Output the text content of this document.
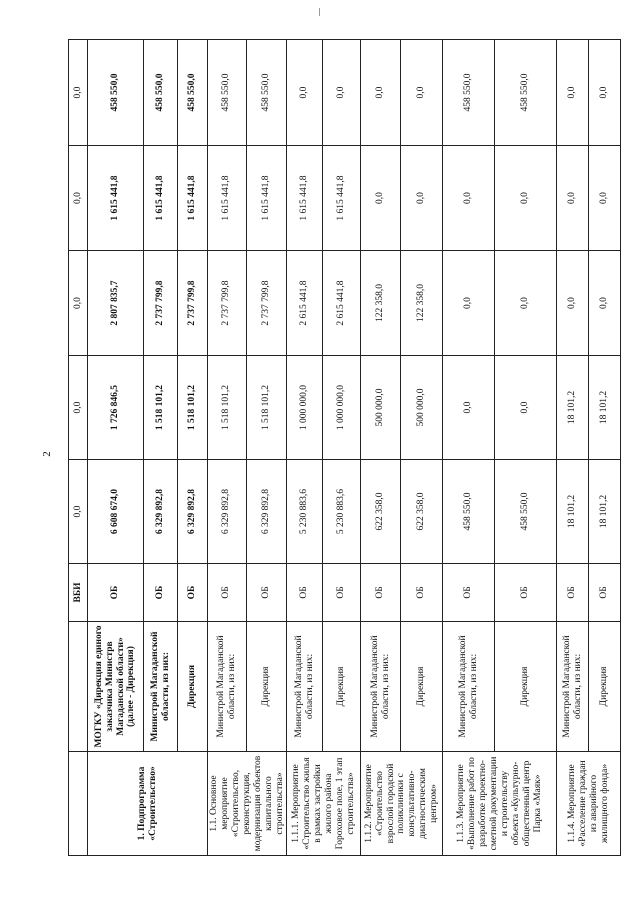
2
		ВБИ	0,0	0,0	0,0	0,0	0,0
1. Подпрограмма «Строительство»	МОГКУ «Дирекция единого заказчика Министрв Магаданской области» (далее - Дирекция)	ОБ	6 608 674,0	1 726 846,5	2 807 835,7	1 615 441,8	458 550,0
	Министрой Магаданской области, из них:	ОБ	6 329 892,8	1 518 101,2	2 737 799,8	1 615 441,8	458 550,0
	Дирекция	ОБ	6 329 892,8	1 518 101,2	2 737 799,8	1 615 441,8	458 550,0
1.1. Основное мероприятие «Строительство, реконструкция, модернизация объектов капитального строительства»	Министрой Магаданской области, из них:	ОБ	6 329 892,8	1 518 101,2	2 737 799,8	1 615 441,8	458 550,0
	Дирекция	ОБ	6 329 892,8	1 518 101,2	2 737 799,8	1 615 441,8	458 550,0
1.1.1. Мероприятие «Строительство жилья в рамках застройки жилого района Гороховое поле, 1 этап строительства»	Министрой Магаданской области, из них:	ОБ	5 230 883,6	1 000 000,0	2 615 441,8	1 615 441,8	0,0
	Дирекция	ОБ	5 230 883,6	1 000 000,0	2 615 441,8	1 615 441,8	0,0
1.1.2. Мероприятие «Строительство взрослой городской поликлиники с консультативно-диагностическим центром»	Министрой Магаданской области, из них:	ОБ	622 358,0	500 000,0	122 358,0	0,0	0,0
	Дирекция	ОБ	622 358,0	500 000,0	122 358,0	0,0	0,0
1.1.3. Мероприятие «Выполнение работ по разработке проектно-сметной документации и строительству объекта «Культурно-общественный центр Парка «Маяк»	Министрой Магаданской области, из них:	ОБ	458 550,0	0,0	0,0	0,0	458 550,0
	Дирекция	ОБ	458 550,0	0,0	0,0	0,0	458 550,0
1.1.4. Мероприятие «Расселение граждан из аварийного жилищного фонда»	Министрой Магаданской области, из них:	ОБ	18 101,2	18 101,2	0,0	0,0	0,0
	Дирекция	ОБ	18 101,2	18 101,2	0,0	0,0	0,0
